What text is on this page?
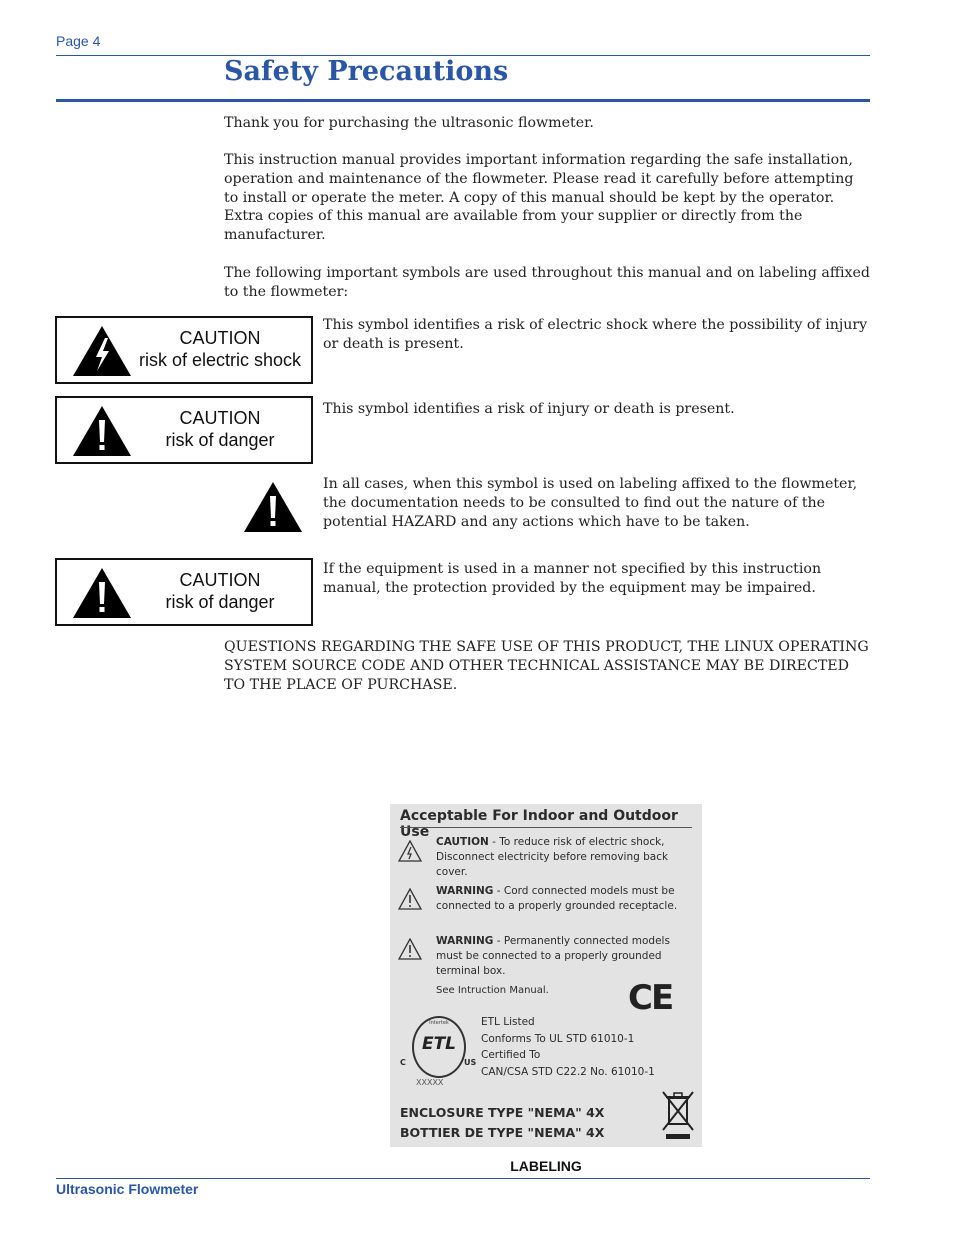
Page 4
Safety Precautions

Thank you for purchasing the ultrasonic flowmeter.

This instruction manual provides important information regarding the safe installation, operation and maintenance of the flowmeter. Please read it carefully before attempting to install or operate the meter. A copy of this manual should be kept by the operator. Extra copies of this manual are available from your supplier or directly from the manufacturer.

The following important symbols are used throughout this manual and on labeling affixed to the flowmeter:

CAUTION
risk of electric shock

This symbol identifies a risk of electric shock where the possibility of injury or death is present.

CAUTION
risk of danger

This symbol identifies a risk of injury or death is present.

In all cases, when this symbol is used on labeling affixed to the flowmeter, the documentation needs to be consulted to find out the nature of the potential HAZARD and any actions which have to be taken.

CAUTION
risk of danger

If the equipment is used in a manner not specified by this instruction manual, the protection provided by the equipment may be impaired.

QUESTIONS REGARDING THE SAFE USE OF THIS PRODUCT, THE LINUX OPERATING SYSTEM SOURCE CODE AND OTHER TECHNICAL ASSISTANCE MAY BE DIRECTED TO THE PLACE OF PURCHASE.

Acceptable For Indoor and Outdoor Use
CAUTION - To reduce risk of electric shock, Disconnect electricity before removing back cover.
WARNING - Cord connected models must be connected to a properly grounded receptacle.
WARNING - Permanently connected models must be connected to a properly grounded terminal box.
See Intruction Manual. CE
ETL
Intertek
C	US
XXXXX
ETL Listed
Conforms To UL STD 61010-1
Certified To
CAN/CSA STD C22.2 No. 61010-1
ENCLOSURE TYPE "NEMA" 4X
BOTTIER DE TYPE "NEMA" 4X
LABELING
Ultrasonic Flowmeter
